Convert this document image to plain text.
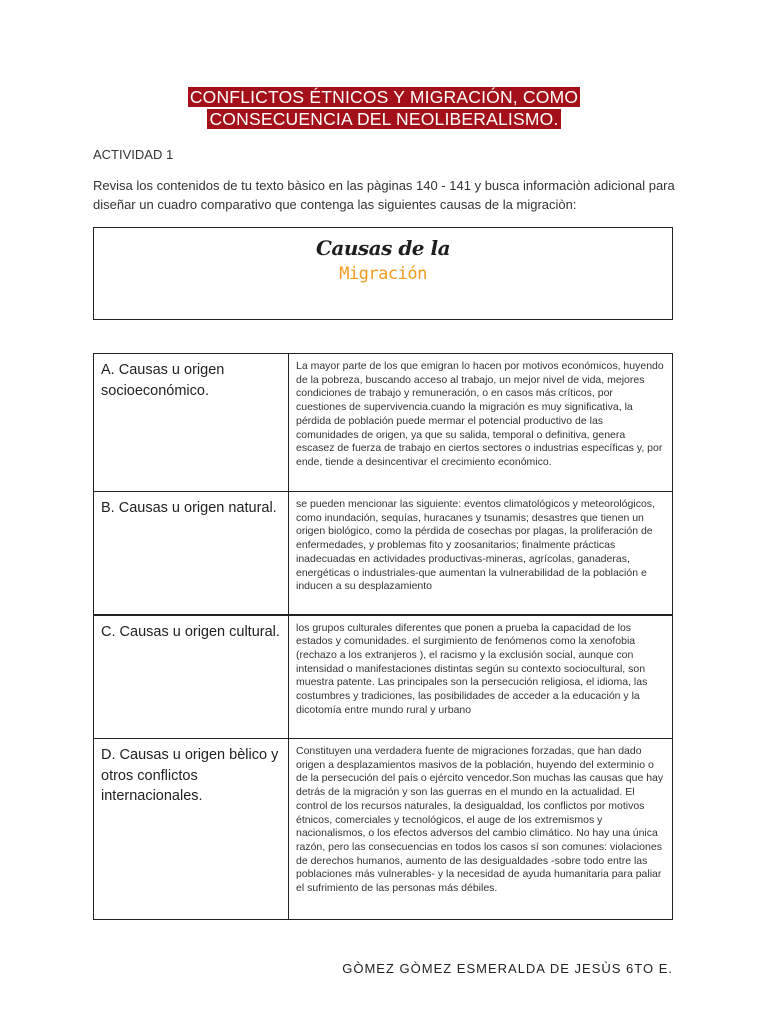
CONFLICTOS ÉTNICOS Y MIGRACIÓN, COMO
CONSECUENCIA DEL NEOLIBERALISMO.
ACTIVIDAD 1

Revisa los contenidos de tu texto bàsico en las pàginas 140 - 141 y busca informaciòn adicional para diseñar un cuadro comparativo que contenga las siguientes causas de la migraciòn:

Causas de la
Migración
A. Causas u origen socioeconómico.	La mayor parte de los que emigran lo hacen por motivos económicos, huyendo de la pobreza, buscando acceso al trabajo, un mejor nivel de vida, mejores condiciones de trabajo y remuneración, o en casos más críticos, por cuestiones de supervivencia.cuando la migración es muy significativa, la pérdida de población puede mermar el potencial productivo de las comunidades de origen, ya que su salida, temporal o definitiva, genera escasez de fuerza de trabajo en ciertos sectores o industrias específicas y, por ende, tiende a desincentivar el crecimiento económico.
B. Causas u origen natural.	se pueden mencionar las siguiente: eventos climatológicos y meteorológicos, como inundación, sequías, huracanes y tsunamis; desastres que tienen un origen biológico, como la pérdida de cosechas por plagas, la proliferación de enfermedades, y problemas fito y zoosanitarios; finalmente prácticas inadecuadas en actividades productivas-mineras, agrícolas, ganaderas, energéticas o industriales-que aumentan la vulnerabilidad de la población e inducen a su desplazamiento
C. Causas u origen cultural.	los grupos culturales diferentes que ponen a prueba la capacidad de los estados y comunidades. el surgimiento de fenómenos como la xenofobia (rechazo a los extranjeros ), el racismo y la exclusión social, aunque con intensidad o manifestaciones distintas según su contexto sociocultural, son muestra patente. Las principales son la persecución religiosa, el idioma, las costumbres y tradiciones, las posibilidades de acceder a la educación y la dicotomía entre mundo rural y urbano
D. Causas u origen bèlico y otros conflictos internacionales.	Constituyen una verdadera fuente de migraciones forzadas, que han dado origen a desplazamientos masivos de la población, huyendo del exterminio o de la persecución del país o ejército vencedor.Son muchas las causas que hay detrás de la migración y son las guerras en el mundo en la actualidad. El control de los recursos naturales, la desigualdad, los conflictos por motivos étnicos, comerciales y tecnológicos, el auge de los extremismos y nacionalismos, o los efectos adversos del cambio climático. No hay una única razón, pero las consecuencias en todos los casos sí son comunes: violaciones de derechos humanos, aumento de las desigualdades -sobre todo entre las poblaciones más vulnerables- y la necesidad de ayuda humanitaria para paliar el sufrimiento de las personas más débiles.
GÒMEZ GÒMEZ ESMERALDA DE JESÙS 6TO E.
